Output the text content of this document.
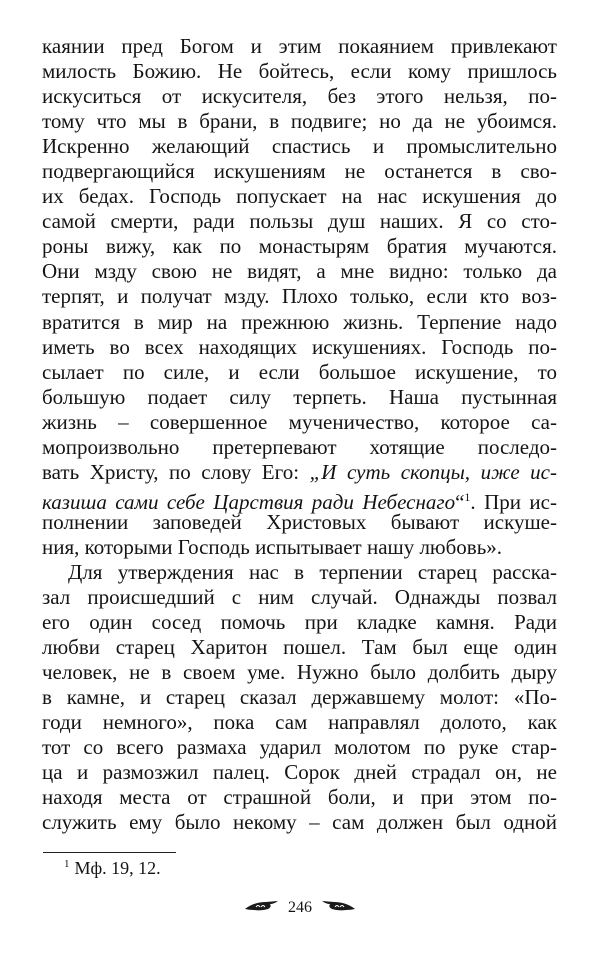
каянии пред Богом и этим покаянием привлекают
милость Божию. Не бойтесь, если кому пришлось
искуситься от искусителя, без этого нельзя, по-
тому что мы в брани, в подвиге; но да не убоимся.
Искренно желающий спастись и промыслительно
подвергающийся искушениям не останется в сво-
их бедах. Господь попускает на нас искушения до
самой смерти, ради пользы душ наших. Я со сто-
роны вижу, как по монастырям братия мучаются.
Они мзду свою не видят, а мне видно: только да
терпят, и получат мзду. Плохо только, если кто воз-
вратится в мир на прежнюю жизнь. Терпение надо
иметь во всех находящих искушениях. Господь по-
сылает по силе, и если большое искушение, то
большую подает силу терпеть. Наша пустынная
жизнь – совершенное мученичество, которое са-
мопроизвольно претерпевают хотящие последо-
вать Христу, по слову Его: „И суть скопцы, иже ис-
казиша сами себе Царствия ради Небеснаго“$^1$. При ис-
полнении заповедей Христовых бывают искуше-
ния, которыми Господь испытывает нашу любовь».
Для утверждения нас в терпении старец расска-
зал происшедший с ним случай. Однажды позвал
его один сосед помочь при кладке камня. Ради
любви старец Харитон пошел. Там был еще один
человек, не в своем уме. Нужно было долбить дыру
в камне, и старец сказал державшему молот: «По-
годи немного», пока сам направлял долото, как
тот со всего размаха ударил молотом по руке стар-
ца и размозжил палец. Сорок дней страдал он, не
находя места от страшной боли, и при этом по-
служить ему было некому – сам должен был одной
$^1$ Мф. 19, 12.
246
